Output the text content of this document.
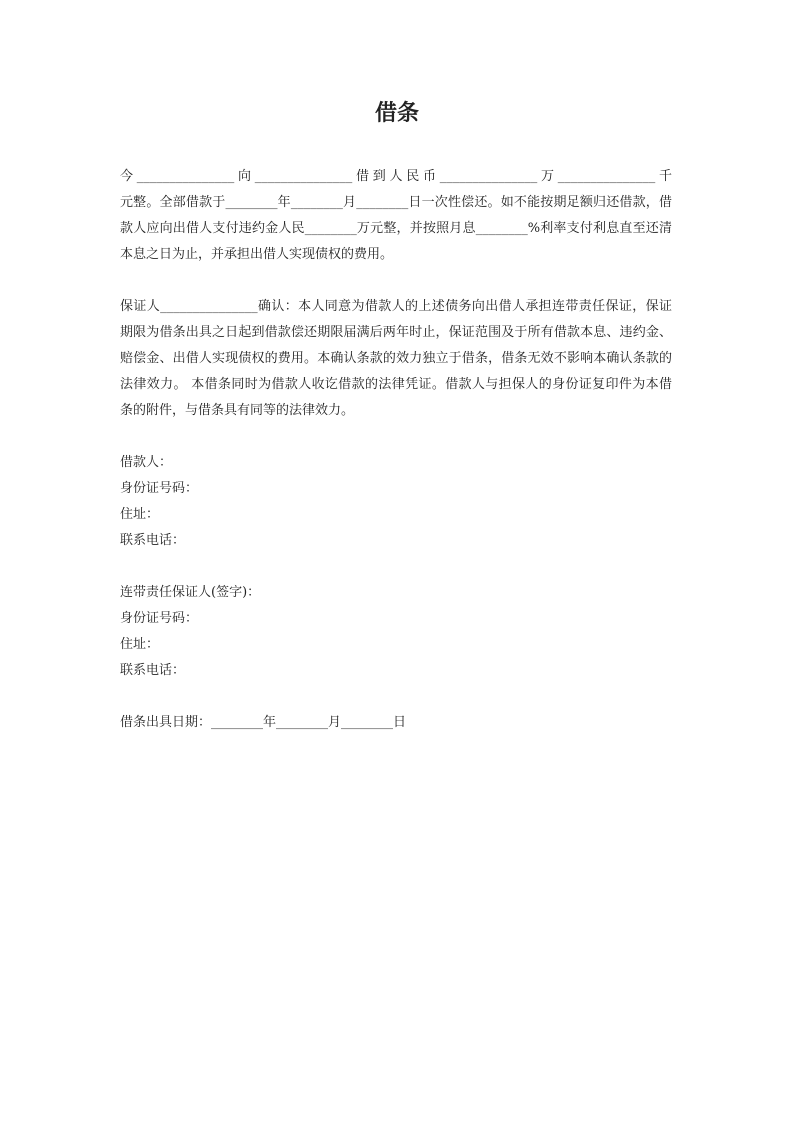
借条
今_______________向_______________借到人民币_______________万_______________千
元整。全部借款于________年________月________日一次性偿还。如不能按期足额归还借款，借
款人应向出借人支付违约金人民________万元整，并按照月息________%利率支付利息直至还清
本息之日为止，并承担出借人实现债权的费用。
保证人_______________确认：本人同意为借款人的上述债务向出借人承担连带责任保证，保证
期限为借条出具之日起到借款偿还期限届满后两年时止，保证范围及于所有借款本息、违约金、
赔偿金、出借人实现债权的费用。本确认条款的效力独立于借条，借条无效不影响本确认条款的
法律效力。 本借条同时为借款人收讫借款的法律凭证。借款人与担保人的身份证复印件为本借
条的附件，与借条具有同等的法律效力。
借款人：
身份证号码：
住址：
联系电话：
连带责任保证人(签字)：
身份证号码：
住址：
联系电话：
借条出具日期：________年________月________日
